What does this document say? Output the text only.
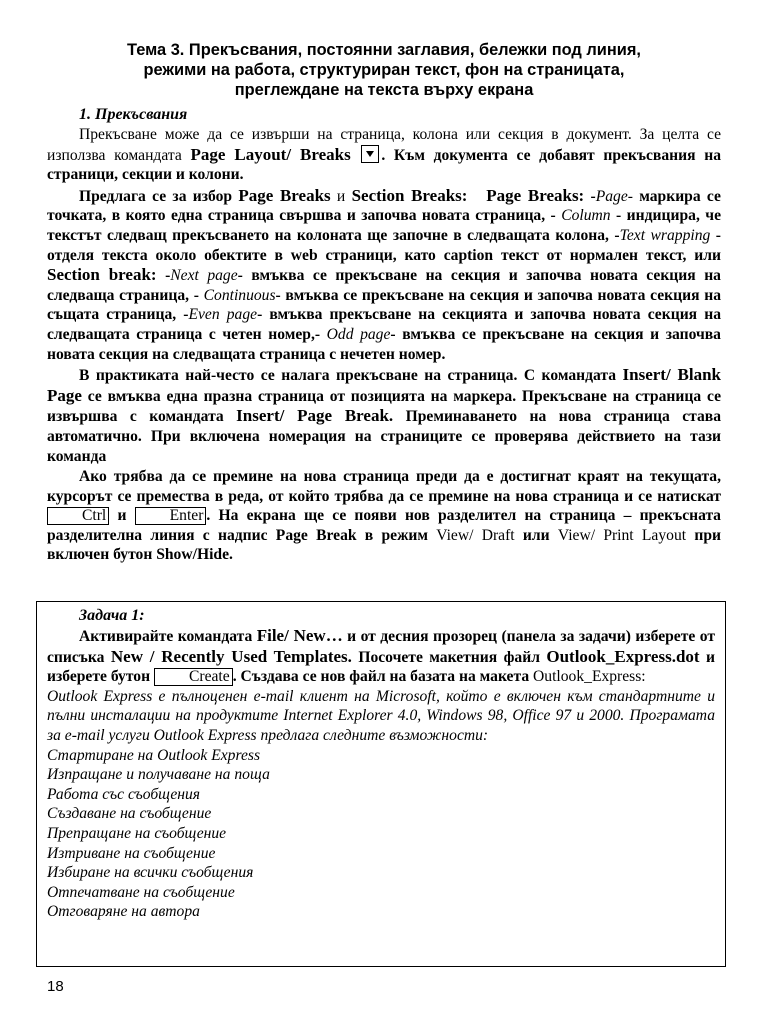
Тема 3. Прекъсвания, постоянни заглавия, бележки под линия,
режими на работа, структуриран текст, фон на страницата,
преглеждане на текста върху екрана
1. Прекъсвания

Прекъсване може да се извърши на страница, колона или секция в документ. За целта се използва командата Page Layout/ Breaks . Към документа се добавят прекъсвания на страници, секции и колони.

Предлага се за избор Page Breaks и Section Breaks: Page Breaks: -Page- маркира се точката, в която една страница свършва и започва новата страница, - Column - индицира, че текстът следващ прекъсването на колоната ще започне в следващата колона, -Text wrapping - отделя текста около обектите в web страници, като caption текст от нормален текст, или Section break: -Next page- вмъква се прекъсване на секция и започва новата секция на следваща страница, - Continuous- вмъква се прекъсване на секция и започва новата секция на същата страница, -Even page- вмъква прекъсване на секцията и започва новата секция на следващата страница с четен номер,- Odd page- вмъква се прекъсване на секция и започва новата секция на следващата страница с нечетен номер.

В практиката най-често се налага прекъсване на страница. С командата Insert/ Blank Page се вмъква една празна страница от позицията на маркера. Прекъсване на страница се извършва с командата Insert/ Page Break. Преминаването на нова страница става автоматично. При включена номерация на страниците се проверява действието на тази команда

Ако трябва да се премине на нова страница преди да е достигнат краят на текущата, курсорът се премества в реда, от който трябва да се премине на нова страница и се натискат Ctrl и Enter . На екрана ще се появи нов разделител на страница – прекъснатa разделителна линия с надпис Page Break в режим View/ Draft или View/ Print Layout при включен бутон Show/Hide.

Задача 1:

Активирайте командата File/ New… и от десния прозорец (панела за задачи) изберете от списъка New / Recently Used Templates. Посочете макетния файл Outlook_Express.dot и изберете бутон Create . Създава се нов файл на базата на макета Outlook_Express:

Outlook Express е пълноценен e-mail клиент на Microsoft, който е включен към стандартните и пълни инсталации на продуктите Internet Explorer 4.0, Windows 98, Office 97 и 2000. Програмата за e-mail услуги Outlook Express предлага следните възможности:

Стартиране на Outlook Express
Изпращане и получаване на поща
Работа със съобщения
Създаване на съобщение
Препращане на съобщение
Изтриване на съобщение
Избиране на всички съобщения
Отпечатване на съобщение
Отговаряне на автора
18
